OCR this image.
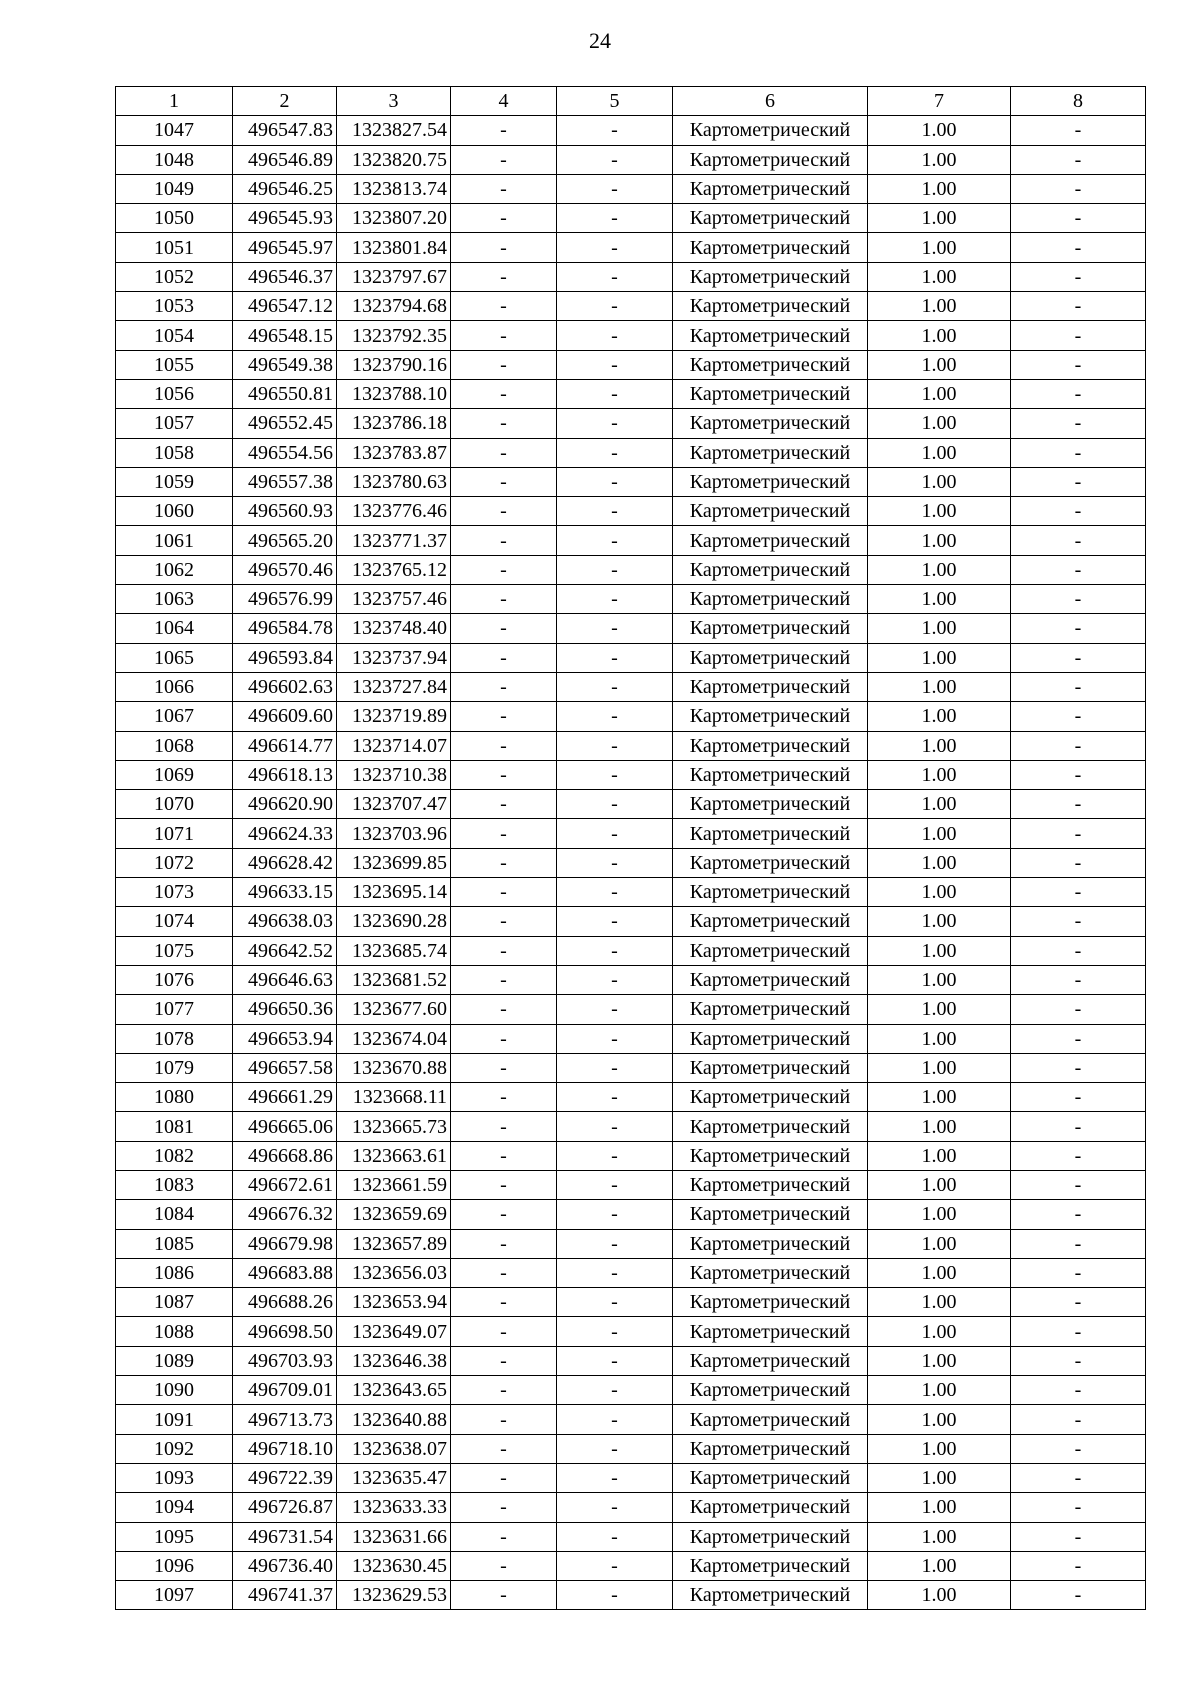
24
1	2	3	4	5	6	7	8
1047	496547.83	1323827.54	-	-	Картометрический	1.00	-
1048	496546.89	1323820.75	-	-	Картометрический	1.00	-
1049	496546.25	1323813.74	-	-	Картометрический	1.00	-
1050	496545.93	1323807.20	-	-	Картометрический	1.00	-
1051	496545.97	1323801.84	-	-	Картометрический	1.00	-
1052	496546.37	1323797.67	-	-	Картометрический	1.00	-
1053	496547.12	1323794.68	-	-	Картометрический	1.00	-
1054	496548.15	1323792.35	-	-	Картометрический	1.00	-
1055	496549.38	1323790.16	-	-	Картометрический	1.00	-
1056	496550.81	1323788.10	-	-	Картометрический	1.00	-
1057	496552.45	1323786.18	-	-	Картометрический	1.00	-
1058	496554.56	1323783.87	-	-	Картометрический	1.00	-
1059	496557.38	1323780.63	-	-	Картометрический	1.00	-
1060	496560.93	1323776.46	-	-	Картометрический	1.00	-
1061	496565.20	1323771.37	-	-	Картометрический	1.00	-
1062	496570.46	1323765.12	-	-	Картометрический	1.00	-
1063	496576.99	1323757.46	-	-	Картометрический	1.00	-
1064	496584.78	1323748.40	-	-	Картометрический	1.00	-
1065	496593.84	1323737.94	-	-	Картометрический	1.00	-
1066	496602.63	1323727.84	-	-	Картометрический	1.00	-
1067	496609.60	1323719.89	-	-	Картометрический	1.00	-
1068	496614.77	1323714.07	-	-	Картометрический	1.00	-
1069	496618.13	1323710.38	-	-	Картометрический	1.00	-
1070	496620.90	1323707.47	-	-	Картометрический	1.00	-
1071	496624.33	1323703.96	-	-	Картометрический	1.00	-
1072	496628.42	1323699.85	-	-	Картометрический	1.00	-
1073	496633.15	1323695.14	-	-	Картометрический	1.00	-
1074	496638.03	1323690.28	-	-	Картометрический	1.00	-
1075	496642.52	1323685.74	-	-	Картометрический	1.00	-
1076	496646.63	1323681.52	-	-	Картометрический	1.00	-
1077	496650.36	1323677.60	-	-	Картометрический	1.00	-
1078	496653.94	1323674.04	-	-	Картометрический	1.00	-
1079	496657.58	1323670.88	-	-	Картометрический	1.00	-
1080	496661.29	1323668.11	-	-	Картометрический	1.00	-
1081	496665.06	1323665.73	-	-	Картометрический	1.00	-
1082	496668.86	1323663.61	-	-	Картометрический	1.00	-
1083	496672.61	1323661.59	-	-	Картометрический	1.00	-
1084	496676.32	1323659.69	-	-	Картометрический	1.00	-
1085	496679.98	1323657.89	-	-	Картометрический	1.00	-
1086	496683.88	1323656.03	-	-	Картометрический	1.00	-
1087	496688.26	1323653.94	-	-	Картометрический	1.00	-
1088	496698.50	1323649.07	-	-	Картометрический	1.00	-
1089	496703.93	1323646.38	-	-	Картометрический	1.00	-
1090	496709.01	1323643.65	-	-	Картометрический	1.00	-
1091	496713.73	1323640.88	-	-	Картометрический	1.00	-
1092	496718.10	1323638.07	-	-	Картометрический	1.00	-
1093	496722.39	1323635.47	-	-	Картометрический	1.00	-
1094	496726.87	1323633.33	-	-	Картометрический	1.00	-
1095	496731.54	1323631.66	-	-	Картометрический	1.00	-
1096	496736.40	1323630.45	-	-	Картометрический	1.00	-
1097	496741.37	1323629.53	-	-	Картометрический	1.00	-
